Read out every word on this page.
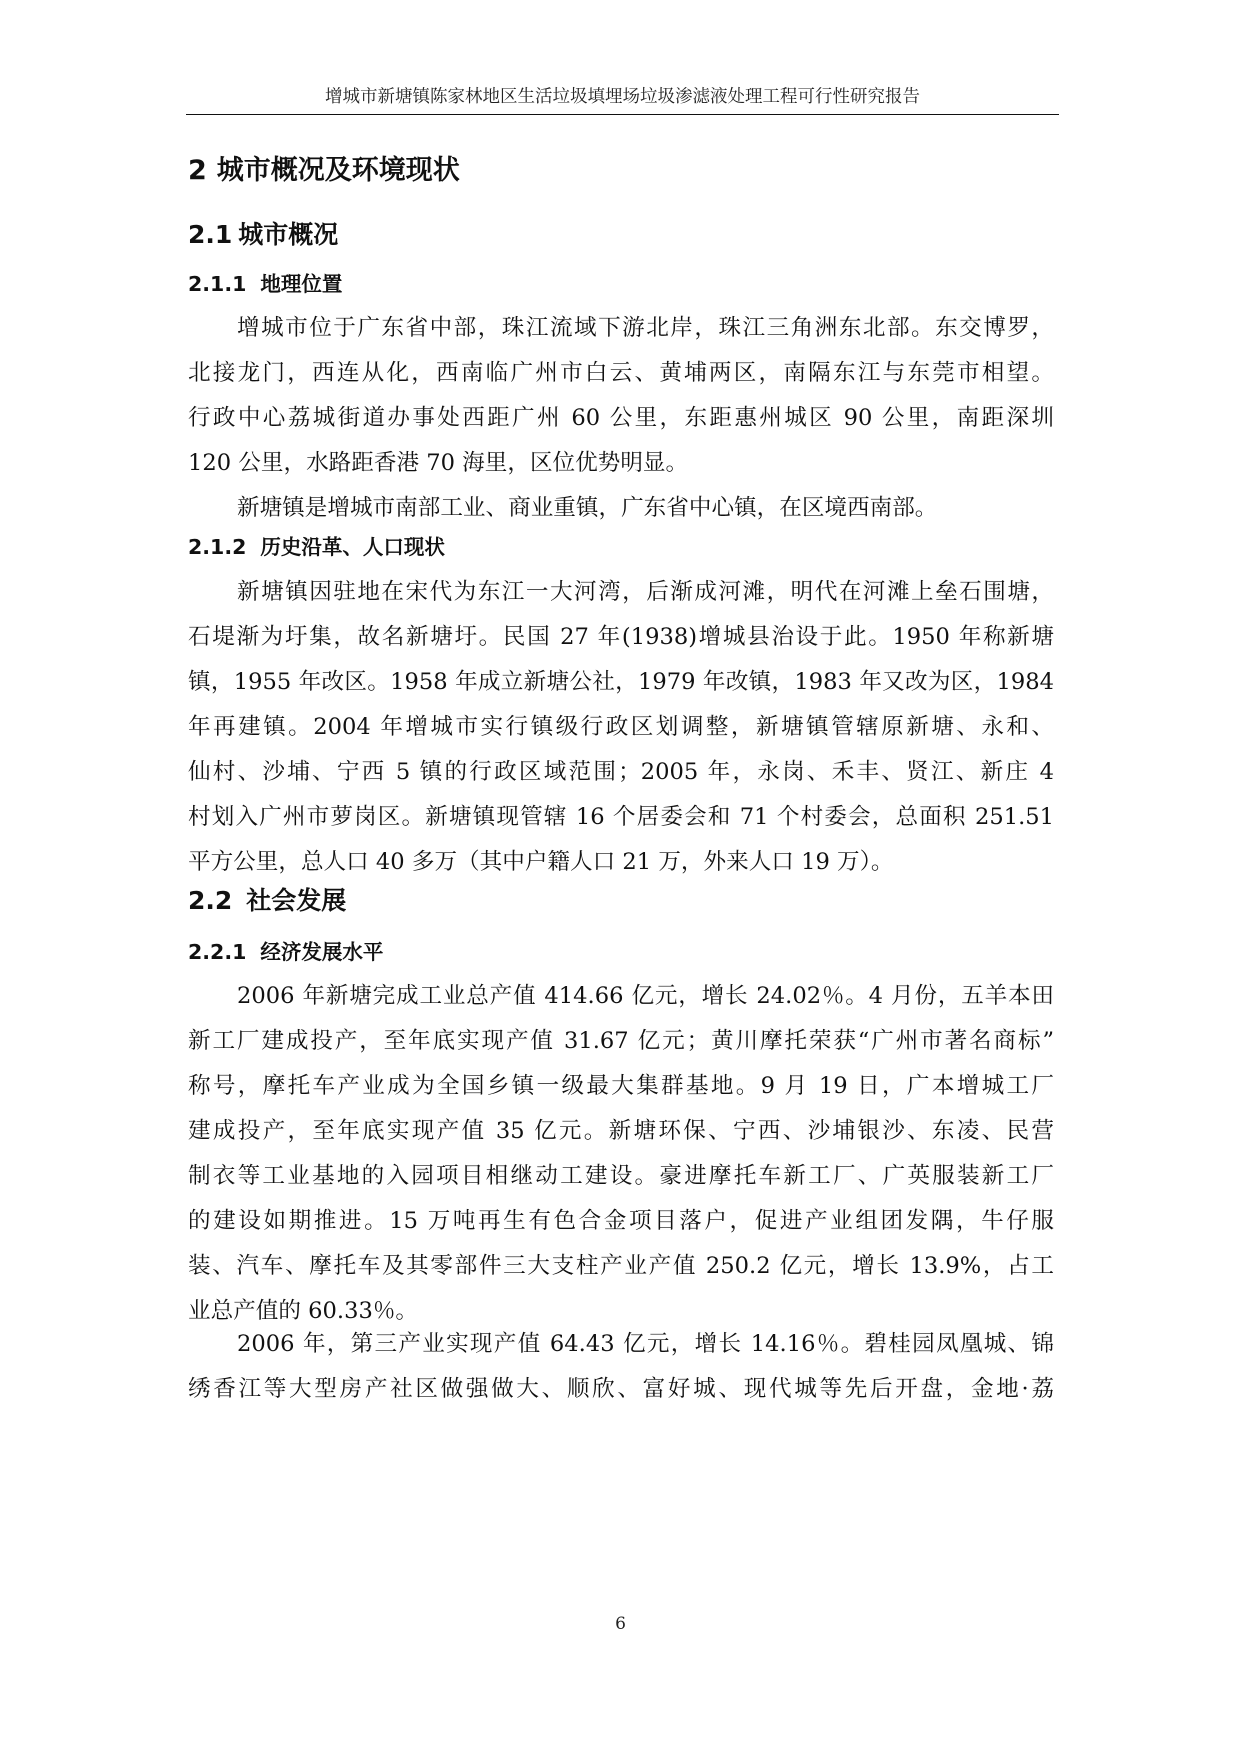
增城市新塘镇陈家林地区生活垃圾填埋场垃圾渗滤液处理工程可行性研究报告
2 城市概况及环境现状
2.1 城市概况
2.1.1 地理位置

增城市位于广东省中部，珠江流域下游北岸，珠江三角洲东北部。东交博罗，
北接龙门，西连从化，西南临广州市白云、黄埔两区，南隔东江与东莞市相望。
行政中心荔城街道办事处西距广州 60 公里，东距惠州城区 90 公里，南距深圳
120 公里，水路距香港 70 海里，区位优势明显。

新塘镇是增城市南部工业、商业重镇，广东省中心镇，在区境西南部。

2.1.2 历史沿革、人口现状

新塘镇因驻地在宋代为东江一大河湾，后渐成河滩，明代在河滩上垒石围塘，
石堤渐为圩集，故名新塘圩。民国 27 年(1938)增城县治设于此。1950 年称新塘
镇，1955 年改区。1958 年成立新塘公社，1979 年改镇，1983 年又改为区，1984
年再建镇。2004 年增城市实行镇级行政区划调整，新塘镇管辖原新塘、永和、
仙村、沙埔、宁西 5 镇的行政区域范围；2005 年，永岗、禾丰、贤江、新庄 4
村划入广州市萝岗区。新塘镇现管辖 16 个居委会和 71 个村委会，总面积 251.51
平方公里，总人口 40 多万（其中户籍人口 21 万，外来人口 19 万）。

2.2 社会发展
2.2.1 经济发展水平

2006 年新塘完成工业总产值 414.66 亿元，增长 24.02％。4 月份，五羊本田
新工厂建成投产，至年底实现产值 31.67 亿元；黄川摩托荣获“广州市著名商标”
称号，摩托车产业成为全国乡镇一级最大集群基地。9 月 19 日，广本增城工厂
建成投产，至年底实现产值 35 亿元。新塘环保、宁西、沙埔银沙、东凌、民营
制衣等工业基地的入园项目相继动工建设。豪进摩托车新工厂、广英服装新工厂
的建设如期推进。15 万吨再生有色合金项目落户，促进产业组团发隅，牛仔服
装、汽车、摩托车及其零部件三大支柱产业产值 250.2 亿元，增长 13.9%，占工
业总产值的 60.33％。

2006 年，第三产业实现产值 64.43 亿元，增长 14.16％。碧桂园凤凰城、锦
绣香江等大型房产社区做强做大、顺欣、富好城、现代城等先后开盘，金地·荔

6
